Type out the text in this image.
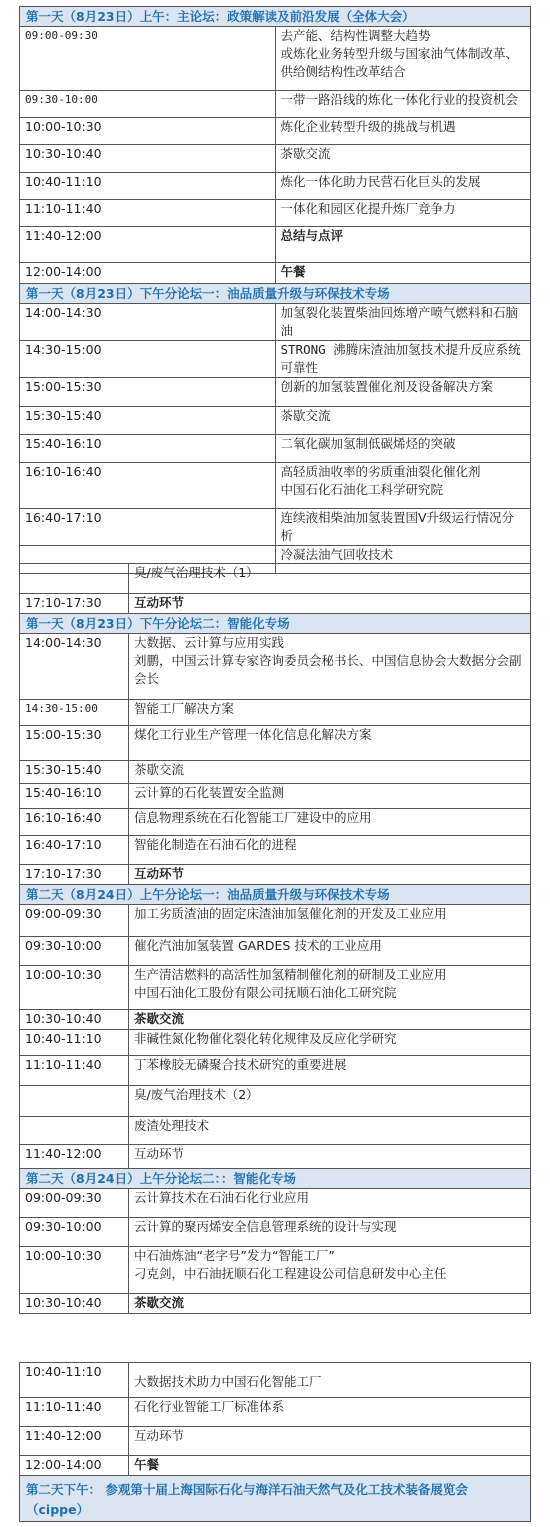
第一天（8月23日）上午：主论坛：政策解读及前沿发展（全体大会）	
09:00-09:30	去产能、结构性调整大趋势
或炼化业务转型升级与国家油气体制改革、供给侧结构性改革结合

09:30-10:00	一带一路沿线的炼化一体化行业的投资机会
10:00-10:30	炼化企业转型升级的挑战与机遇
10:30-10:40	茶歇交流
10:40-11:10	炼化一体化助力民营石化巨头的发展
11:10-11:40	一体化和园区化提升炼厂竞争力
11:40-12:00	总结与点评
12:00-14:00	午餐
第一天（8月23日）下午分论坛一：油品质量升级与环保技术专场	
14:00-14:30	加氢裂化装置柴油回炼增产喷气燃料和石脑油
14:30-15:00	STRONG 沸腾床渣油加氢技术提升反应系统可靠性
15:00-15:30	创新的加氢装置催化剂及设备解决方案
15:30-15:40	茶歇交流
15:40-16:10	二氧化碳加氢制低碳烯烃的突破
16:10-16:40	高轻质油收率的劣质重油裂化催化剂
中国石化石油化工科学研究院

16:40-17:10	连续液相柴油加氢装置国Ⅴ升级运行情况分析
	冷凝法油气回收技术
	臭/废气治理技术（1）
17:10-17:30	互动环节
第一天（8月23日）下午分论坛二：智能化专场	
14:00-14:30	大数据、云计算与应用实践
刘鹏，中国云计算专家咨询委员会秘书长、中国信息协会大数据分会副会长

14:30-15:00	智能工厂解决方案
15:00-15:30	煤化工行业生产管理一体化信息化解决方案
15:30-15:40	茶歇交流
15:40-16:10	云计算的石化装置安全监测
16:10-16:40	信息物理系统在石化智能工厂建设中的应用
16:40-17:10	智能化制造在石油石化的进程
17:10-17:30	互动环节
第二天（8月24日）上午分论坛一：油品质量升级与环保技术专场	
09:00-09:30	加工劣质渣油的固定床渣油加氢催化剂的开发及工业应用
09:30-10:00	催化汽油加氢装置 GARDES 技术的工业应用
10:00-10:30	生产清洁燃料的高活性加氢精制催化剂的研制及工业应用
中国石油化工股份有限公司抚顺石油化工研究院

10:30-10:40	茶歇交流
10:40-11:10	非碱性氮化物催化裂化转化规律及反应化学研究
11:10-11:40	丁苯橡胶无磷聚合技术研究的重要进展
	臭/废气治理技术（2）
	废渣处理技术
11:40-12:00	互动环节
第二天（8月24日）上午分论坛二：：智能化专场	
09:00-09:30	云计算技术在石油石化行业应用
09:30-10:00	云计算的聚丙烯安全信息管理系统的设计与实现
10:00-10:30	中石油炼油“老字号”发力“智能工厂”
刁克剑，中石油抚顺石化工程建设公司信息研发中心主任

10:30-10:40	茶歇交流
10:40-11:10	大数据技术助力中国石化智能工厂
11:10-11:40	石化行业智能工厂标准体系
11:40-12:00	互动环节
12:00-14:00	午餐
第二天下午： 参观第十届上海国际石化与海洋石油天然气及化工技术装备展览会（cippe）	
